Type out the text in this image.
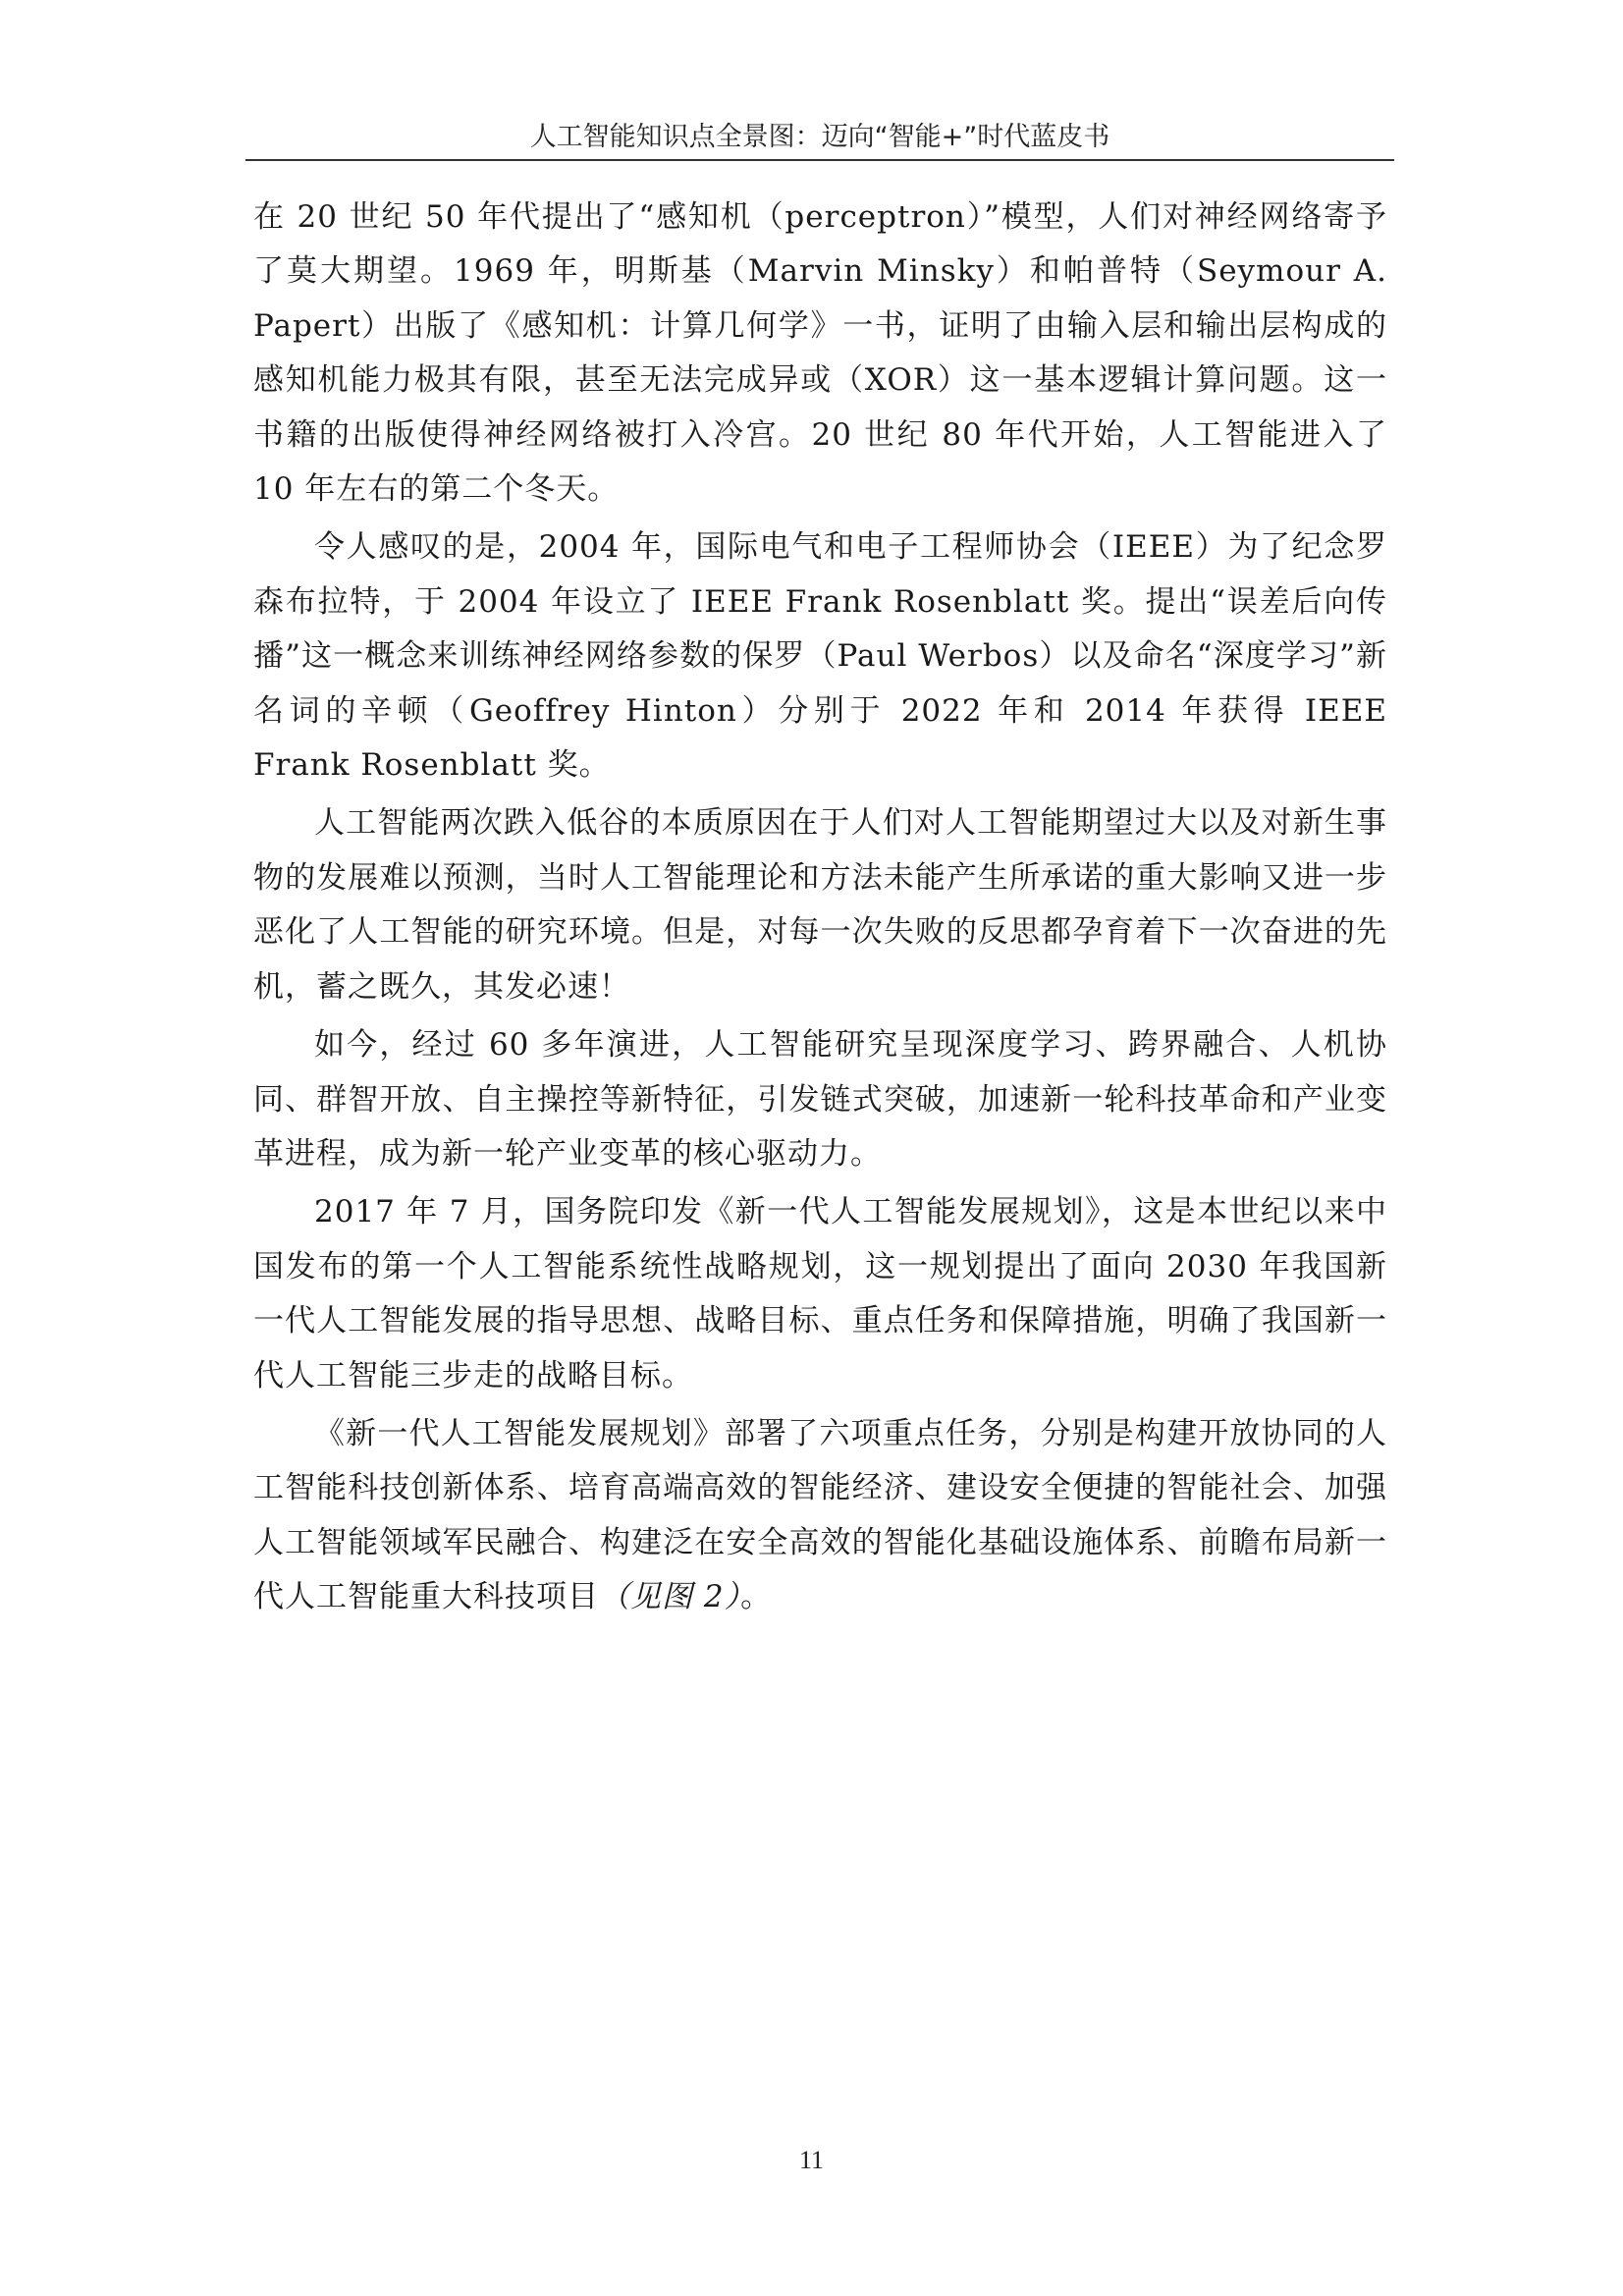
人工智能知识点全景图：迈向“智能+”时代蓝皮书

在 20 世纪 50 年代提出了“感知机（perceptron）”模型，人们对神经网络寄予了莫大期望。1969 年，明斯基（Marvin Minsky）和帕普特（Seymour A. Papert）出版了《感知机：计算几何学》一书，证明了由输入层和输出层构成的感知机能力极其有限，甚至无法完成异或（XOR）这一基本逻辑计算问题。这一书籍的出版使得神经网络被打入冷宫。20 世纪 80 年代开始，人工智能进入了 10 年左右的第二个冬天。

令人感叹的是，2004 年，国际电气和电子工程师协会（IEEE）为了纪念罗森布拉特，于 2004 年设立了 IEEE Frank Rosenblatt 奖。提出“误差后向传播”这一概念来训练神经网络参数的保罗（Paul Werbos）以及命名“深度学习”新名词的辛顿（Geoffrey Hinton）分别于 2022 年和 2014 年获得 IEEE Frank Rosenblatt 奖。

人工智能两次跌入低谷的本质原因在于人们对人工智能期望过大以及对新生事物的发展难以预测，当时人工智能理论和方法未能产生所承诺的重大影响又进一步恶化了人工智能的研究环境。但是，对每一次失败的反思都孕育着下一次奋进的先机，蓄之既久，其发必速！

如今，经过 60 多年演进，人工智能研究呈现深度学习、跨界融合、人机协同、群智开放、自主操控等新特征，引发链式突破，加速新一轮科技革命和产业变革进程，成为新一轮产业变革的核心驱动力。

2017 年 7 月，国务院印发《新一代人工智能发展规划》，这是本世纪以来中国发布的第一个人工智能系统性战略规划，这一规划提出了面向 2030 年我国新一代人工智能发展的指导思想、战略目标、重点任务和保障措施，明确了我国新一代人工智能三步走的战略目标。

《新一代人工智能发展规划》部署了六项重点任务，分别是构建开放协同的人工智能科技创新体系、培育高端高效的智能经济、建设安全便捷的智能社会、加强人工智能领域军民融合、构建泛在安全高效的智能化基础设施体系、前瞻布局新一代人工智能重大科技项目（见图 2）。

11
